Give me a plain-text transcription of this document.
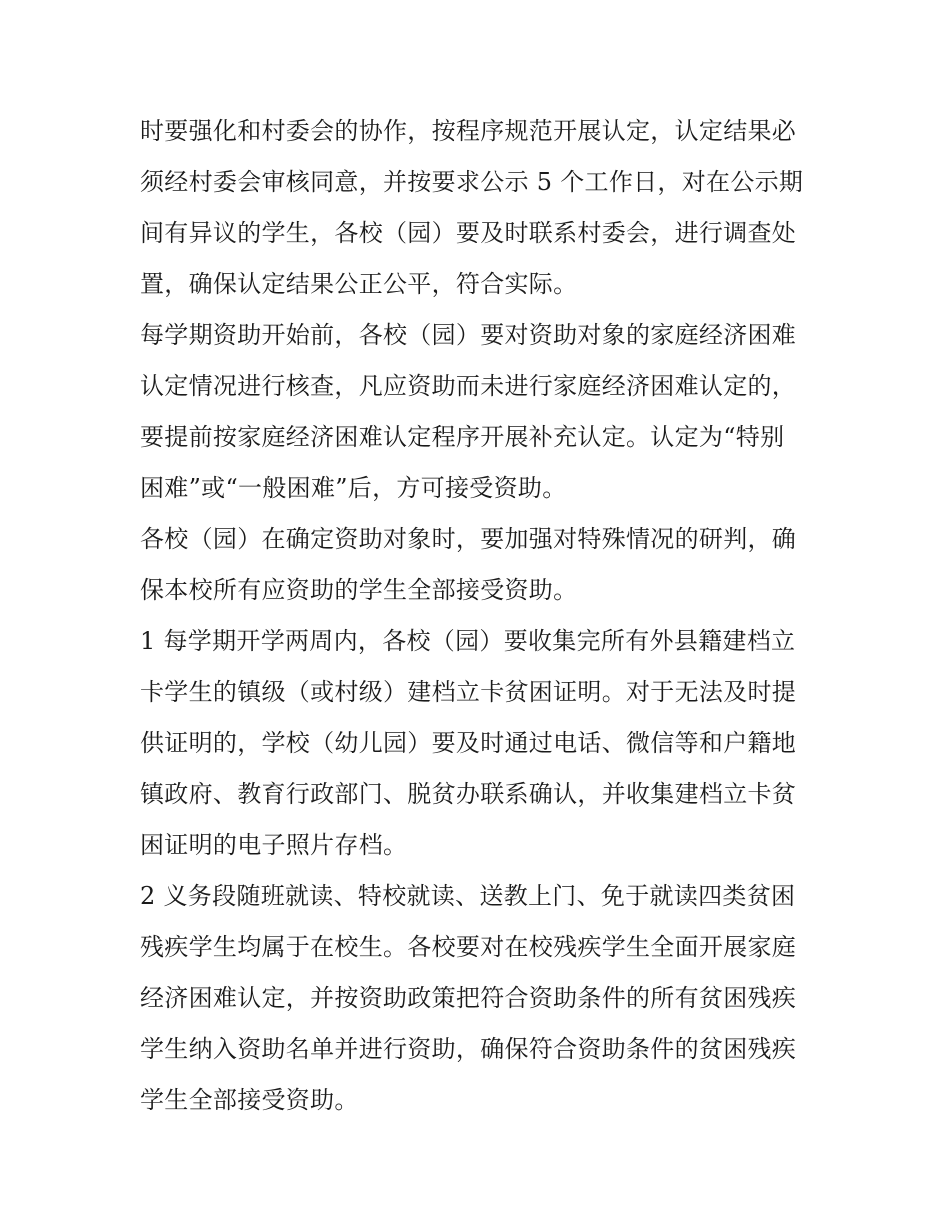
时要强化和村委会的协作，按程序规范开展认定，认定结果必
须经村委会审核同意，并按要求公示 5 个工作日，对在公示期
间有异议的学生，各校（园）要及时联系村委会，进行调查处
置，确保认定结果公正公平，符合实际。
每学期资助开始前，各校（园）要对资助对象的家庭经济困难
认定情况进行核查，凡应资助而未进行家庭经济困难认定的，
要提前按家庭经济困难认定程序开展补充认定。认定为“特别
困难”或“一般困难”后，方可接受资助。
各校（园）在确定资助对象时，要加强对特殊情况的研判，确
保本校所有应资助的学生全部接受资助。
1 每学期开学两周内，各校（园）要收集完所有外县籍建档立
卡学生的镇级（或村级）建档立卡贫困证明。对于无法及时提
供证明的，学校（幼儿园）要及时通过电话、微信等和户籍地
镇政府、教育行政部门、脱贫办联系确认，并收集建档立卡贫
困证明的电子照片存档。
2 义务段随班就读、特校就读、送教上门、免于就读四类贫困
残疾学生均属于在校生。各校要对在校残疾学生全面开展家庭
经济困难认定，并按资助政策把符合资助条件的所有贫困残疾
学生纳入资助名单并进行资助，确保符合资助条件的贫困残疾
学生全部接受资助。
